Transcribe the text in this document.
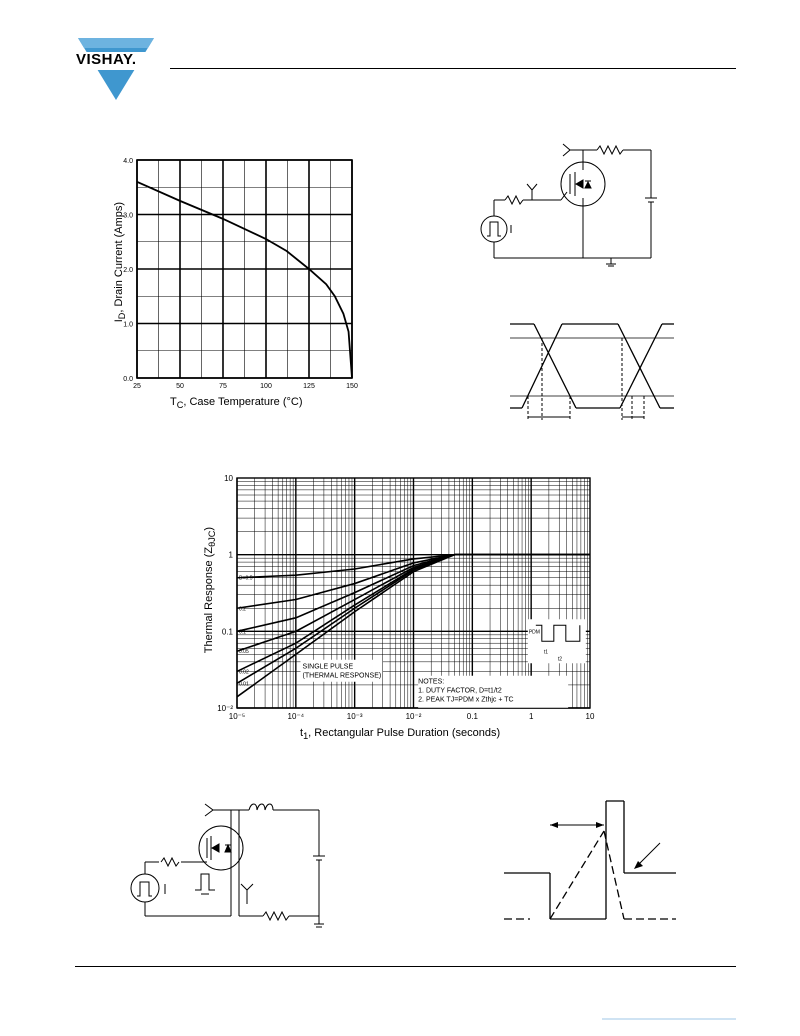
VISHAY.
25	50	75	100	125	150
0.0
1.0
2.0
3.0
4.0
$I_D$, Drain Current (Amps)
$T_C$, Case Temperature (°C)
10⁻⁵	10⁻⁴	10⁻³	10⁻²	0.1	1	10
10⁻²
0.1
1
10
D=0.5
0.2
0.1
0.05
0.02
0.01
SINGLE PULSE
(THERMAL RESPONSE)
NOTES:
1. DUTY FACTOR, D=t1/t2
2. PEAK TJ=PDM x Zthjc + TC
PDM
t1
t2
Thermal Response $(Z_{\theta JC})$
$t_1$, Rectangular Pulse Duration (seconds)
